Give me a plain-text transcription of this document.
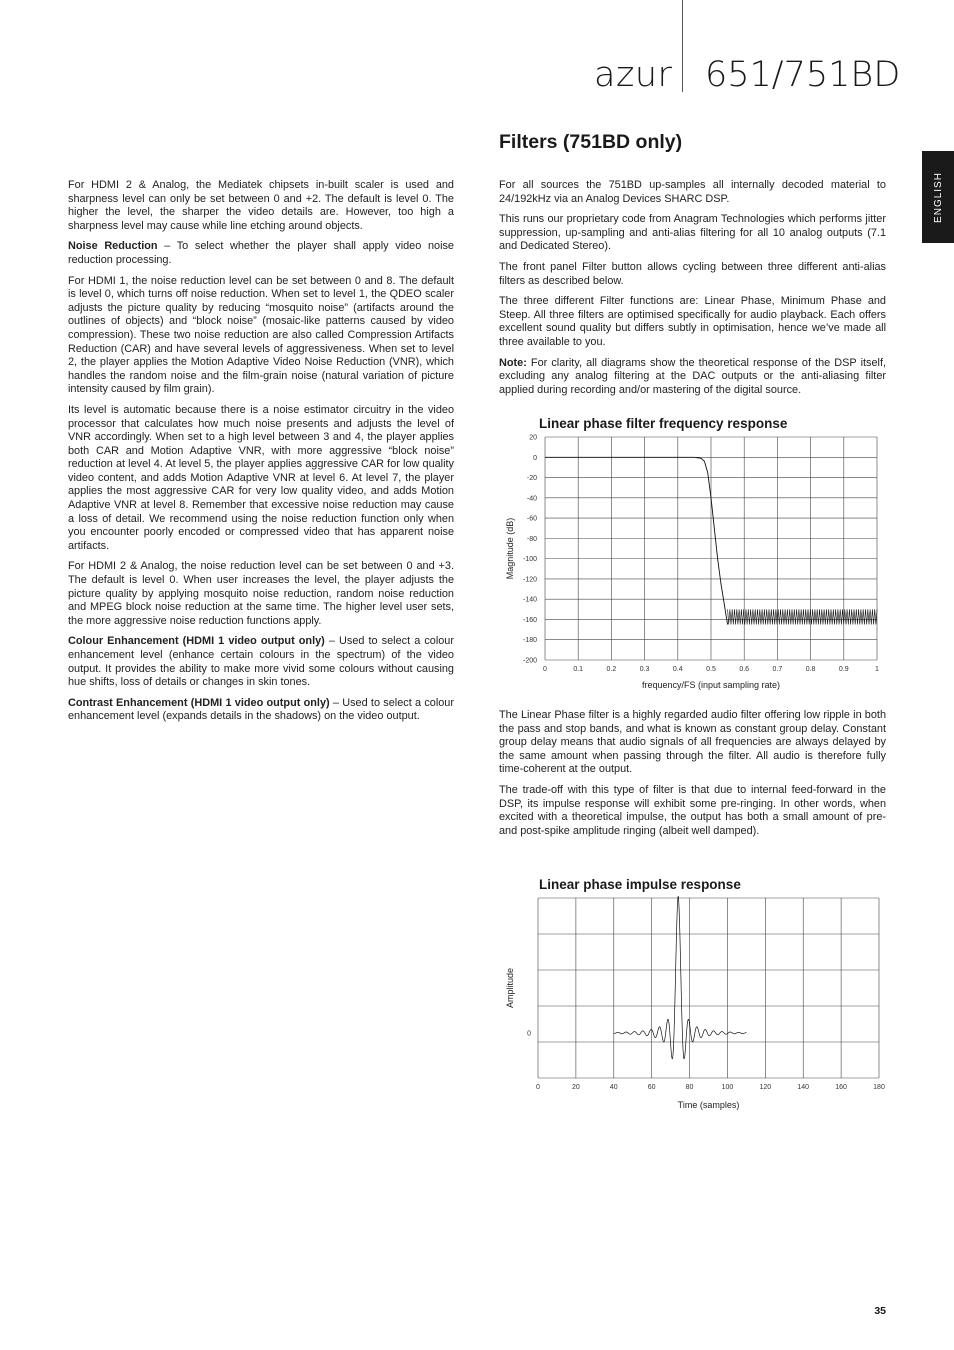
azur 651/751BD
ENGLISH

For HDMI 2 & Analog, the Mediatek chipsets in-built scaler is used and sharpness level can only be set between 0 and +2. The default is level 0. The higher the level, the sharper the video details are. However, too high a sharpness level may cause while line etching around objects.

Noise Reduction – To select whether the player shall apply video noise reduction processing.

For HDMI 1, the noise reduction level can be set between 0 and 8. The default is level 0, which turns off noise reduction. When set to level 1, the QDEO scaler adjusts the picture quality by reducing “mosquito noise” (artifacts around the outlines of objects) and “block noise” (mosaic-like patterns caused by video compression). These two noise reduction are also called Compression Artifacts Reduction (CAR) and have several levels of aggressiveness. When set to level 2, the player applies the Motion Adaptive Video Noise Reduction (VNR), which handles the random noise and the film-grain noise (natural variation of picture intensity caused by film grain).

Its level is automatic because there is a noise estimator circuitry in the video processor that calculates how much noise presents and adjusts the level of VNR accordingly. When set to a high level between 3 and 4, the player applies both CAR and Motion Adaptive VNR, with more aggressive “block noise” reduction at level 4. At level 5, the player applies aggressive CAR for low quality video content, and adds Motion Adaptive VNR at level 6. At level 7, the player applies the most aggressive CAR for very low quality video, and adds Motion Adaptive VNR at level 8. Remember that excessive noise reduction may cause a loss of detail. We recommend using the noise reduction function only when you encounter poorly encoded or compressed video that has apparent noise artifacts.

For HDMI 2 & Analog, the noise reduction level can be set between 0 and +3. The default is level 0. When user increases the level, the player adjusts the picture quality by applying mosquito noise reduction, random noise reduction and MPEG block noise reduction at the same time. The higher level user sets, the more aggressive noise reduction functions apply.

Colour Enhancement (HDMI 1 video output only) – Used to select a colour enhancement level (enhance certain colours in the spectrum) of the video output. It provides the ability to make more vivid some colours without causing hue shifts, loss of details or changes in skin tones.

Contrast Enhancement (HDMI 1 video output only) – Used to select a colour enhancement level (expands details in the shadows) on the video output.

Filters (751BD only)

For all sources the 751BD up-samples all internally decoded material to 24/192kHz via an Analog Devices SHARC DSP.

This runs our proprietary code from Anagram Technologies which performs jitter suppression, up-sampling and anti-alias filtering for all 10 analog outputs (7.1 and Dedicated Stereo).

The front panel Filter button allows cycling between three different anti-alias filters as described below.

The three different Filter functions are: Linear Phase, Minimum Phase and Steep. All three filters are optimised specifically for audio playback. Each offers excellent sound quality but differs subtly in optimisation, hence we’ve made all three available to you.

Note: For clarity, all diagrams show the theoretical response of the DSP itself, excluding any analog filtering at the DAC outputs or the anti-aliasing filter applied during recording and/or mastering of the digital source.

Linear phase filter frequency response
0	0.1	0.2	0.3	0.4	0.5	0.6	0.7	0.8	0.9	1
20
0
-20
-40
-60
-80
-100
-120
-140
-160
-180
-200
frequency/FS (input sampling rate)
Magnitude (dB)

The Linear Phase filter is a highly regarded audio filter offering low ripple in both the pass and stop bands, and what is known as constant group delay. Constant group delay means that audio signals of all frequencies are always delayed by the same amount when passing through the filter. All audio is therefore fully time-coherent at the output.

The trade-off with this type of filter is that due to internal feed-forward in the DSP, its impulse response will exhibit some pre-ringing. In other words, when excited with a theoretical impulse, the output has both a small amount of pre- and post-spike amplitude ringing (albeit well damped).

Linear phase impulse response
0	20	40	60	80	100	120	140	160	180
0
Time (samples)
Amplitude
35
